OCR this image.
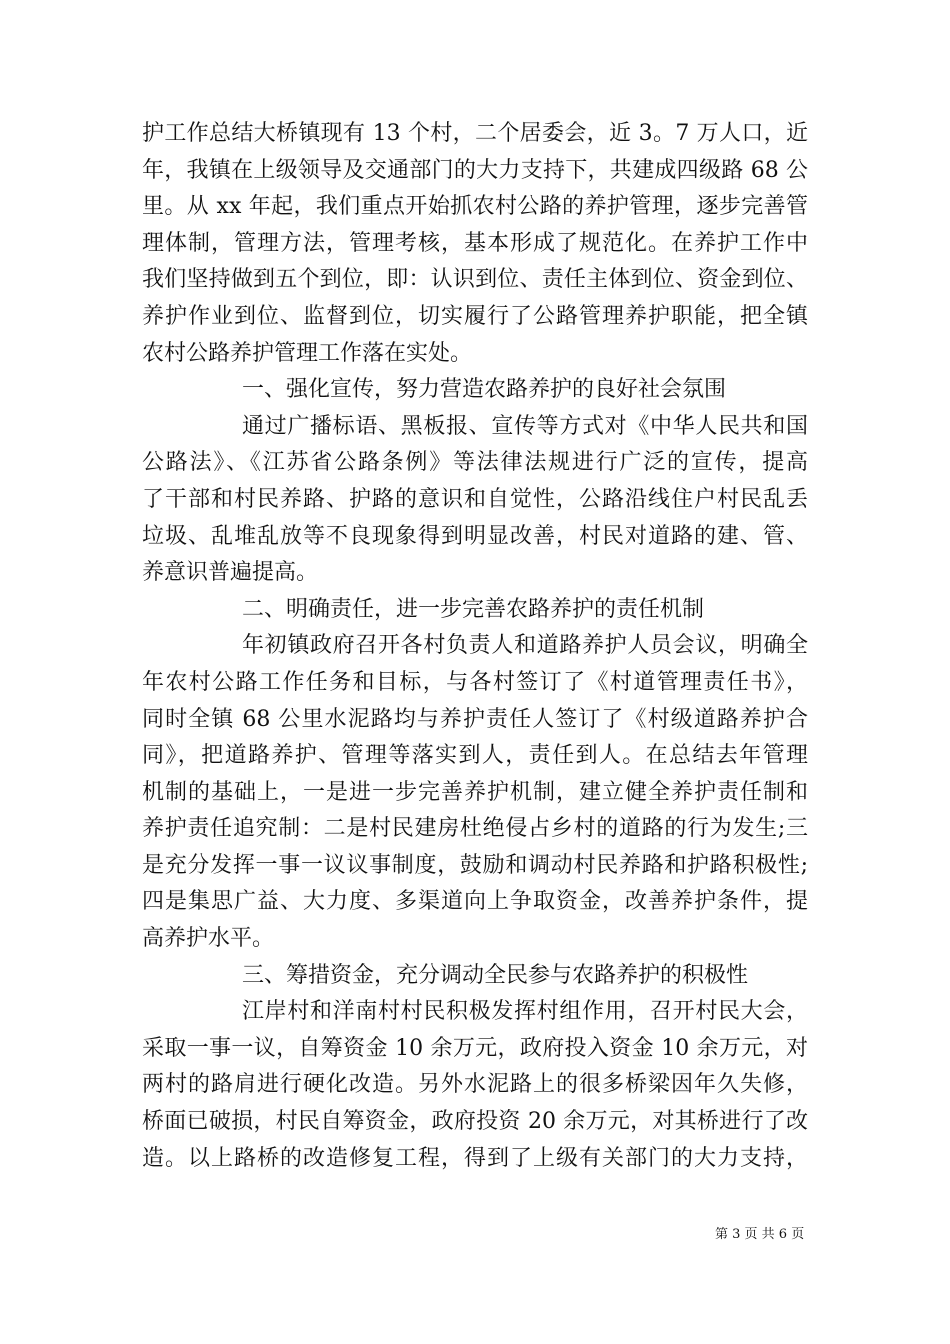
护工作总结大桥镇现有 13 个村，二个居委会，近 3。7 万人口，近
年，我镇在上级领导及交通部门的大力支持下，共建成四级路 68 公
里。从 xx 年起，我们重点开始抓农村公路的养护管理，逐步完善管
理体制，管理方法，管理考核，基本形成了规范化。在养护工作中
我们坚持做到五个到位，即：认识到位、责任主体到位、资金到位、
养护作业到位、监督到位，切实履行了公路管理养护职能，把全镇
农村公路养护管理工作落在实处。
一、强化宣传，努力营造农路养护的良好社会氛围
通过广播标语、黑板报、宣传等方式对《中华人民共和国
公路法》、《江苏省公路条例》等法律法规进行广泛的宣传，提高
了干部和村民养路、护路的意识和自觉性，公路沿线住户村民乱丢
垃圾、乱堆乱放等不良现象得到明显改善，村民对道路的建、管、
养意识普遍提高。
二、明确责任，进一步完善农路养护的责任机制
年初镇政府召开各村负责人和道路养护人员会议，明确全
年农村公路工作任务和目标，与各村签订了《村道管理责任书》，
同时全镇 68 公里水泥路均与养护责任人签订了《村级道路养护合
同》，把道路养护、管理等落实到人，责任到人。在总结去年管理
机制的基础上，一是进一步完善养护机制，建立健全养护责任制和
养护责任追究制：二是村民建房杜绝侵占乡村的道路的行为发生;三
是充分发挥一事一议议事制度，鼓励和调动村民养路和护路积极性;
四是集思广益、大力度、多渠道向上争取资金，改善养护条件，提
高养护水平。
三、筹措资金，充分调动全民参与农路养护的积极性
江岸村和洋南村村民积极发挥村组作用，召开村民大会，
采取一事一议，自筹资金 10 余万元，政府投入资金 10 余万元，对
两村的路肩进行硬化改造。另外水泥路上的很多桥梁因年久失修，
桥面已破损，村民自筹资金，政府投资 20 余万元，对其桥进行了改
造。以上路桥的改造修复工程，得到了上级有关部门的大力支持，
第 3 页 共 6 页
